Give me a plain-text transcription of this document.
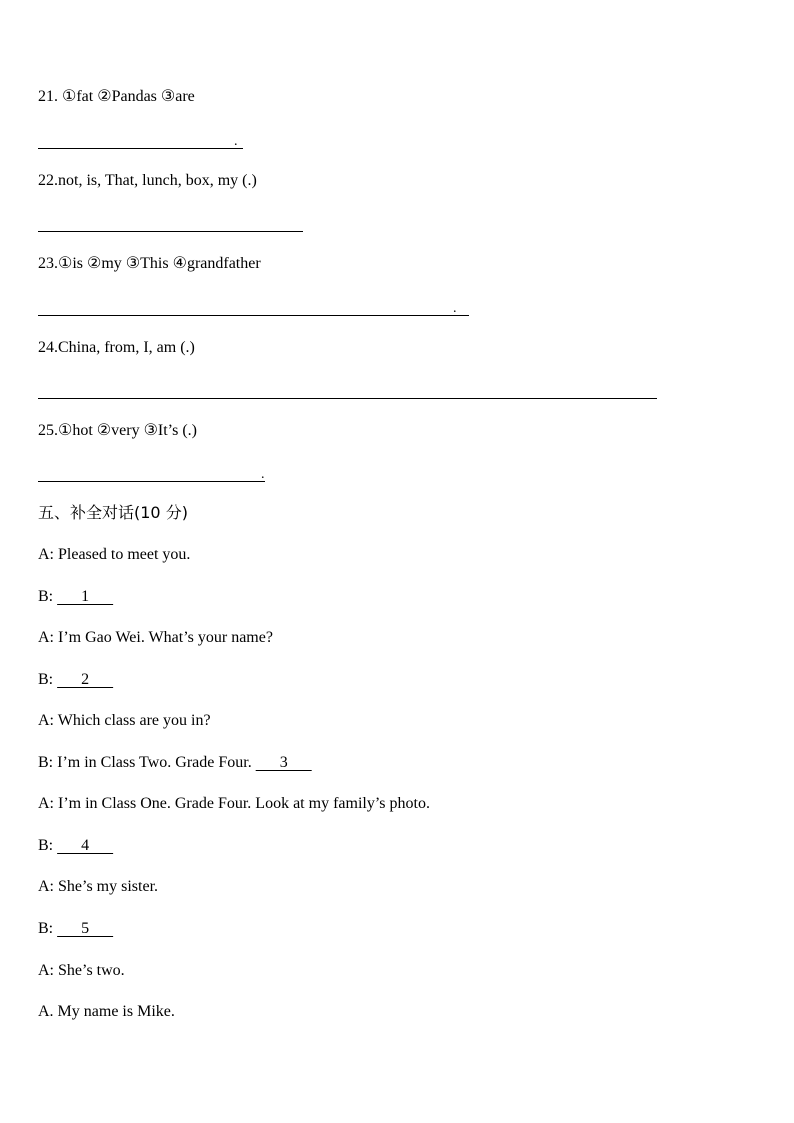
21. ①fat ②Pandas ③are
.
22.not, is, That, lunch, box, my (.)
23.①is ②my ③This ④grandfather
.
24.China, from, I, am (.)
25.①hot ②very ③It’s (.)
.
五、补全对话(10 分)
A: Pleased to meet you.
B:       1
A: I’m Gao Wei. What’s your name?
B:       2
A: Which class are you in?
B: I’m in Class Two. Grade Four.       3
A: I’m in Class One. Grade Four. Look at my family’s photo.
B:       4
A: She’s my sister.
B:       5
A: She’s two.
A. My name is Mike.
